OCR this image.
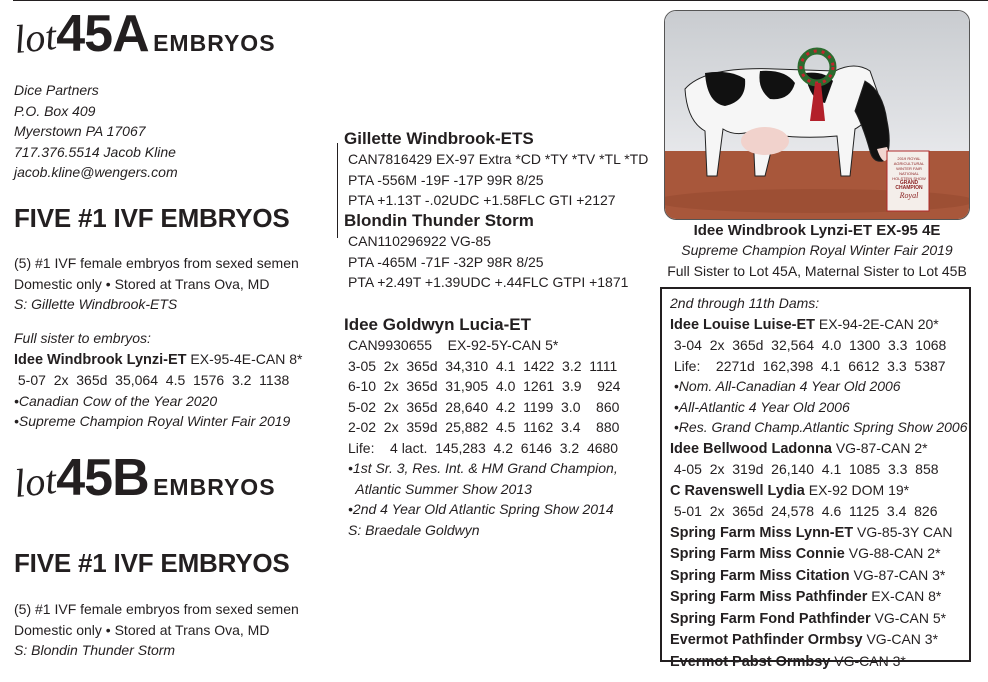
lot45A EMBRYOS
Dice Partners
P.O. Box 409
Myerstown PA 17067
717.376.5514 Jacob Kline
jacob.kline@wengers.com
FIVE #1 IVF EMBRYOS
(5) #1 IVF female embryos from sexed semen
Domestic only • Stored at Trans Ova, MD
S: Gillette Windbrook-ETS
Full sister to embryos:
Idee Windbrook Lynzi-ET EX-95-4E-CAN 8*
5-07  2x  365d  35,064  4.5  1576  3.2  1138
•Canadian Cow of the Year 2020
•Supreme Champion Royal Winter Fair 2019
lot45B EMBRYOS
FIVE #1 IVF EMBRYOS
(5) #1 IVF female embryos from sexed semen
Domestic only • Stored at Trans Ova, MD
S: Blondin Thunder Storm
Gillette Windbrook-ETS
CAN7816429 EX-97 Extra *CD *TY *TV *TL *TD
PTA -556M -19F -17P 99R 8/25
PTA +1.13T -.02UDC +1.58FLC GTI +2127
Blondin Thunder Storm
CAN110296922 VG-85
PTA -465M -71F -32P 98R 8/25
PTA +2.49T +1.39UDC +.44FLC GTPI +1871
Idee Goldwyn Lucia-ET
CAN9930655    EX-92-5Y-CAN 5*
3-05  2x  365d  34,310  4.1  1422  3.2  1111
6-10  2x  365d  31,905  4.0  1261  3.9    924
5-02  2x  365d  28,640  4.2  1199  3.0    860
2-02  2x  359d  25,882  4.5  1162  3.4    880
Life:    4 lact.  145,283  4.2  6146  3.2  4680
•1st Sr. 3, Res. Int. & HM Grand Champion,
Atlantic Summer Show 2013
•2nd 4 Year Old Atlantic Spring Show 2014
S: Braedale Goldwyn
2019 ROYAL
AGRICULTURAL WINTER FAIR
NATIONAL HOLSTEIN SHOW
GRAND
CHAMPION
Royal
Idee Windbrook Lynzi-ET EX-95 4E
Supreme Champion Royal Winter Fair 2019
Full Sister to Lot 45A, Maternal Sister to Lot 45B
2nd through 11th Dams:
Idee Louise Luise-ET EX-94-2E-CAN 20*
3-04  2x  365d  32,564  4.0  1300  3.3  1068
Life:    2271d  162,398  4.1  6612  3.3  5387
•Nom. All-Canadian 4 Year Old 2006
•All-Atlantic 4 Year Old 2006
•Res. Grand Champ.Atlantic Spring Show 2006
Idee Bellwood Ladonna VG-87-CAN 2*
4-05  2x  319d  26,140  4.1  1085  3.3  858
C Ravenswell Lydia EX-92 DOM 19*
5-01  2x  365d  24,578  4.6  1125  3.4  826
Spring Farm Miss Lynn-ET VG-85-3Y CAN
Spring Farm Miss Connie VG-88-CAN 2*
Spring Farm Miss Citation VG-87-CAN 3*
Spring Farm Miss Pathfinder EX-CAN 8*
Spring Farm Fond Pathfinder VG-CAN 5*
Evermot Pathfinder Ormbsy VG-CAN 3*
Evermot Pabst Ormbsy VG-CAN 3*
